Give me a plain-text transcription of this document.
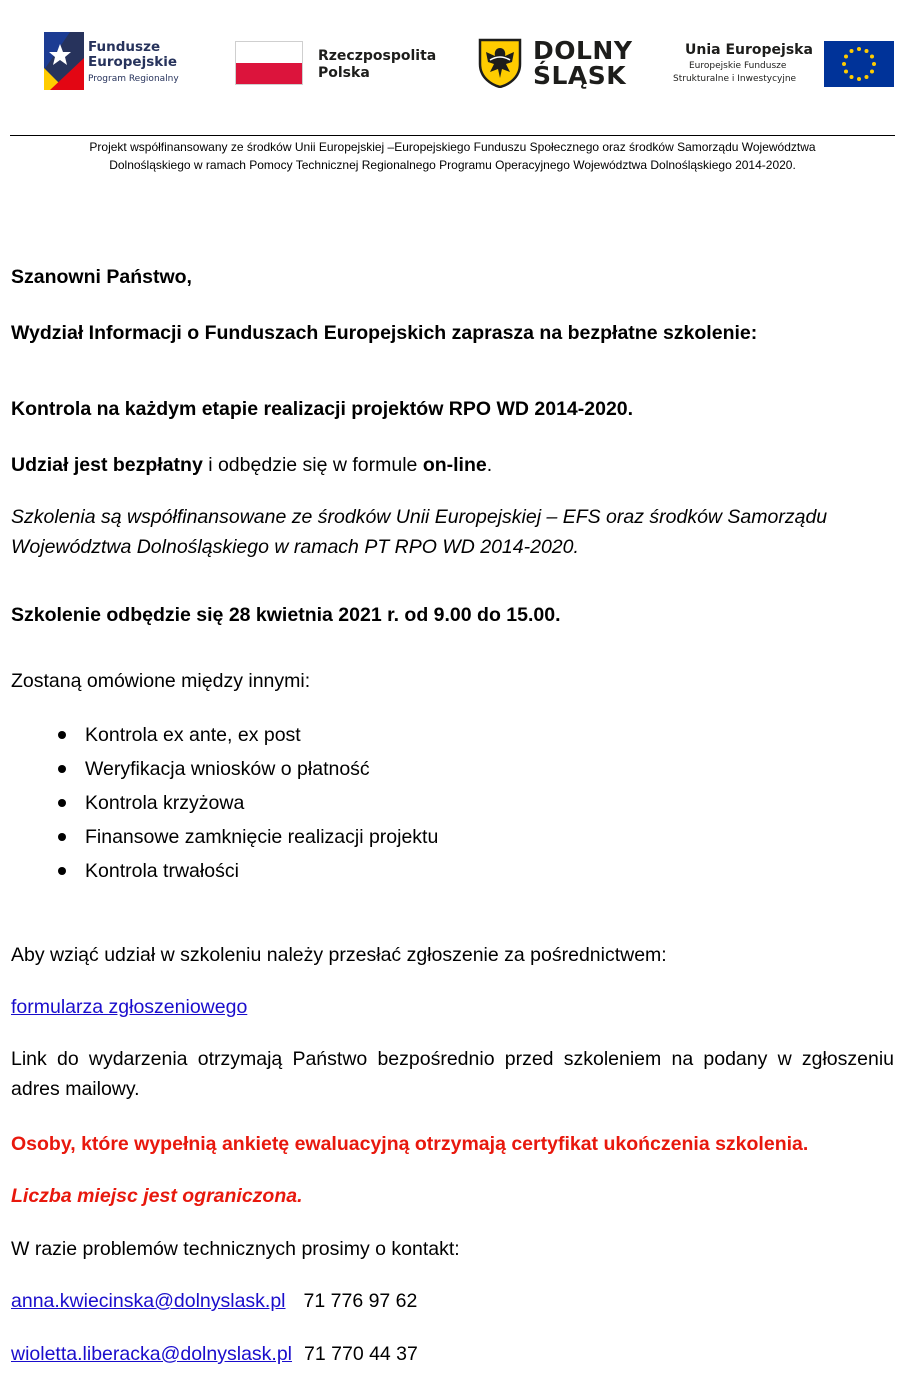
Fundusze
Europejskie
Program Regionalny
Rzeczpospolita
Polska
DOLNY
ŚLĄSK
Unia Europejska
Europejskie Fundusze
Strukturalne i Inwestycyjne
Projekt współfinansowany ze środków Unii Europejskiej –Europejskiego Funduszu Społecznego oraz środków Samorządu Województwa
Dolnośląskiego w ramach Pomocy Technicznej Regionalnego Programu Operacyjnego Województwa Dolnośląskiego 2014-2020.

Szanowni Państwo,

Wydział Informacji o Funduszach Europejskich zaprasza na bezpłatne szkolenie:

Kontrola na każdym etapie realizacji projektów RPO WD 2014-2020.

Udział jest bezpłatny i odbędzie się w formule on-line.

Szkolenia są współfinansowane ze środków Unii Europejskiej – EFS oraz środków Samorządu Województwa Dolnośląskiego w ramach PT RPO WD 2014-2020.

Szkolenie odbędzie się 28 kwietnia 2021 r. od 9.00 do 15.00.

Zostaną omówione między innymi:

Kontrola ex ante, ex post
Weryfikacja wniosków o płatność
Kontrola krzyżowa
Finansowe zamknięcie realizacji projektu
Kontrola trwałości

Aby wziąć udział w szkoleniu należy przesłać zgłoszenie za pośrednictwem:

formularza zgłoszeniowego

Link do wydarzenia otrzymają Państwo bezpośrednio przed szkoleniem na podany w zgłoszeniu adres mailowy.

Osoby, które wypełnią ankietę ewaluacyjną otrzymają certyfikat ukończenia szkolenia.

Liczba miejsc jest ograniczona.

W razie problemów technicznych prosimy o kontakt:

anna.kwiecinska@dolnyslask.pl 71 776 97 62

wioletta.liberacka@dolnyslask.pl 71 770 44 37
